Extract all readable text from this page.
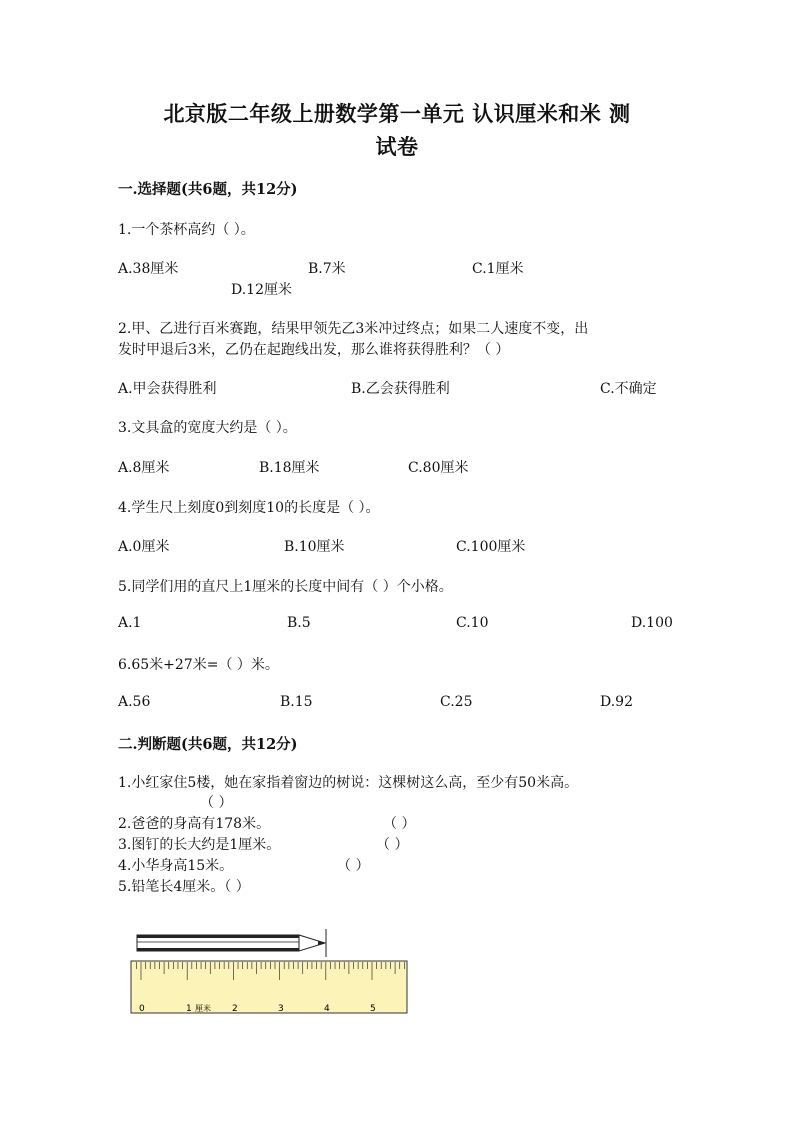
北京版二年级上册数学第一单元 认识厘米和米 测
试卷
一.选择题(共6题，共12分)
1.一个茶杯高约（ ）。
A.38厘米	B.7米	C.1厘米
D.12厘米
2.甲、乙进行百米赛跑，结果甲领先乙3米冲过终点；如果二人速度不变，出
发时甲退后3米，乙仍在起跑线出发，那么谁将获得胜利？（ ）
A.甲会获得胜利	B.乙会获得胜利	C.不确定
3.文具盒的宽度大约是（ ）。
A.8厘米	B.18厘米	C.80厘米
4.学生尺上刻度0到刻度10的长度是（ ）。
A.0厘米	B.10厘米	C.100厘米
5.同学们用的直尺上1厘米的长度中间有（ ）个小格。
A.1	B.5	C.10	D.100
6.65米+27米=（ ）米。
A.56	B.15	C.25	D.92
二.判断题(共6题，共12分)
1.小红家住5楼，她在家指着窗边的树说：这棵树这么高，至少有50米高。
（ ）
2.爸爸的身高有178米。	（ ）
3.图钉的长大约是1厘米。	（ ）
4.小华身高15米。	（ ）
5.铅笔长4厘米。（ ）
0	1	2	3	4	5
厘米
